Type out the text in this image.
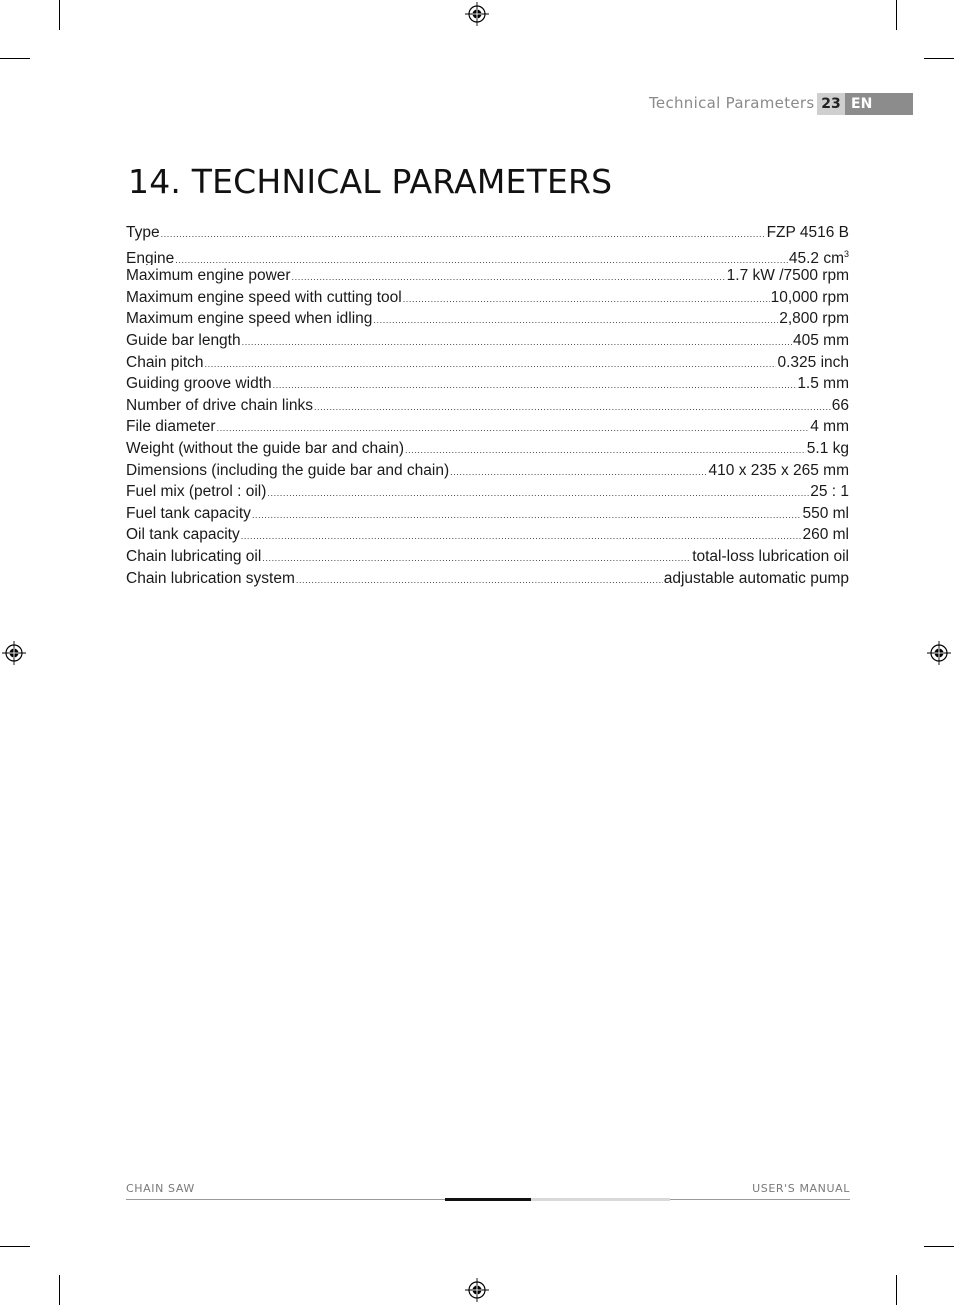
Technical Parameters 23 EN
14. TECHNICAL PARAMETERS
Type .....	FZP 4516 B
Engine .....	45.2 $cm^3$
Maximum engine power .....	1.7 kW /7500 rpm
Maximum engine speed with cutting tool .....	10,000 rpm
Maximum engine speed when idling .....	2,800 rpm
Guide bar length .....	405 mm
Chain pitch .....	0.325 inch
Guiding groove width .....	1.5 mm
Number of drive chain links .....	66
File diameter .....	4 mm
Weight (without the guide bar and chain) .....	5.1 kg
Dimensions (including the guide bar and chain) .....	410 x 235 x 265 mm
Fuel mix (petrol : oil) .....	25 : 1
Fuel tank capacity .....	550 ml
Oil tank capacity .....	260 ml
Chain lubricating oil .....	total-loss lubrication oil
Chain lubrication system .....	adjustable automatic pump
CHAIN SAW	USER'S MANUAL
